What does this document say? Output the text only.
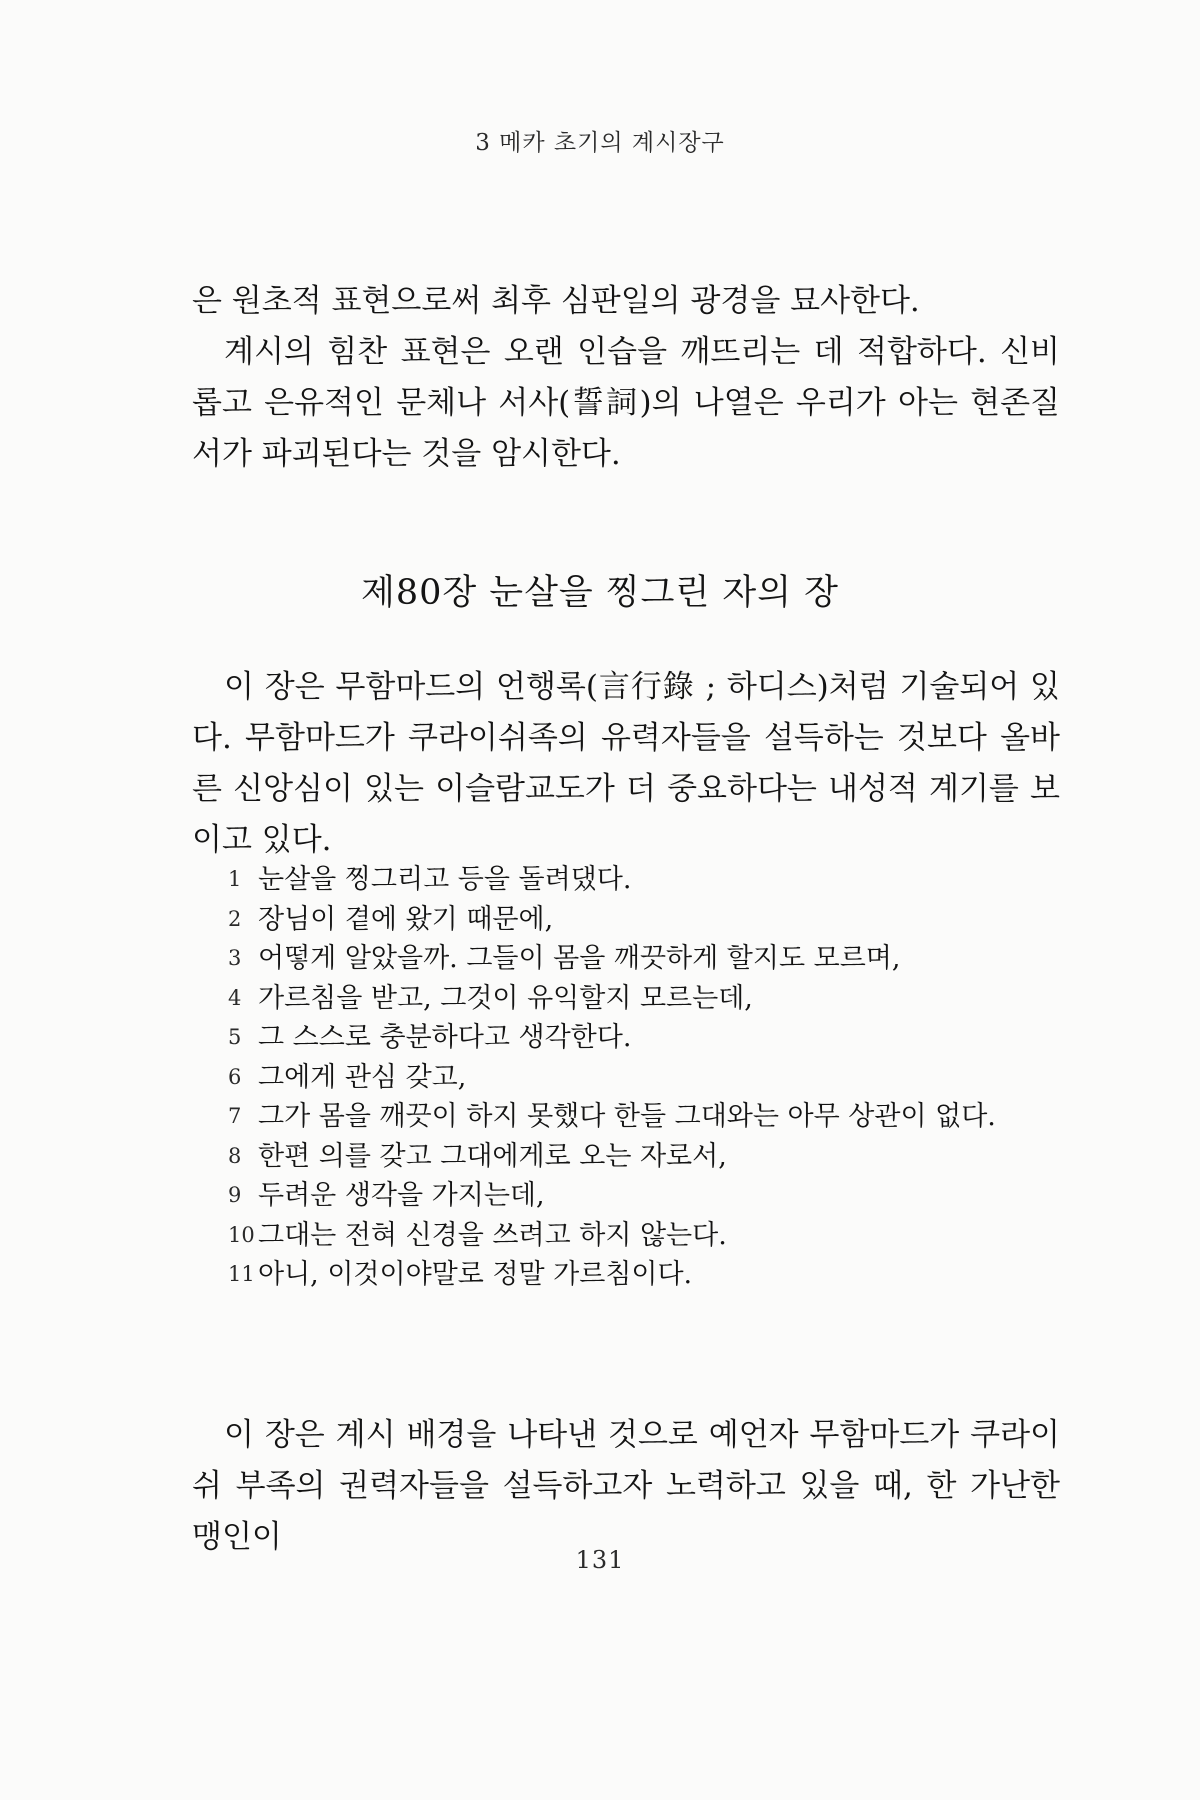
3 메카 초기의 계시장구

은 원초적 표현으로써 최후 심판일의 광경을 묘사한다.

계시의 힘찬 표현은 오랜 인습을 깨뜨리는 데 적합하다. 신비롭고 은유적인 문체나 서사(誓詞)의 나열은 우리가 아는 현존질서가 파괴된다는 것을 암시한다.

제80장 눈살을 찡그린 자의 장

이 장은 무함마드의 언행록(言行錄 ; 하디스)처럼 기술되어 있다. 무함마드가 쿠라이쉬족의 유력자들을 설득하는 것보다 올바른 신앙심이 있는 이슬람교도가 더 중요하다는 내성적 계기를 보이고 있다.

1 눈살을 찡그리고 등을 돌려댔다.
2 장님이 곁에 왔기 때문에,
3 어떻게 알았을까. 그들이 몸을 깨끗하게 할지도 모르며,
4 가르침을 받고, 그것이 유익할지 모르는데,
5 그 스스로 충분하다고 생각한다.
6 그에게 관심 갖고,
7 그가 몸을 깨끗이 하지 못했다 한들 그대와는 아무 상관이 없다.
8 한편 의를 갖고 그대에게로 오는 자로서,
9 두려운 생각을 가지는데,
10 그대는 전혀 신경을 쓰려고 하지 않는다.
11 아니, 이것이야말로 정말 가르침이다.

이 장은 계시 배경을 나타낸 것으로 예언자 무함마드가 쿠라이쉬 부족의 권력자들을 설득하고자 노력하고 있을 때, 한 가난한 맹인이

131
